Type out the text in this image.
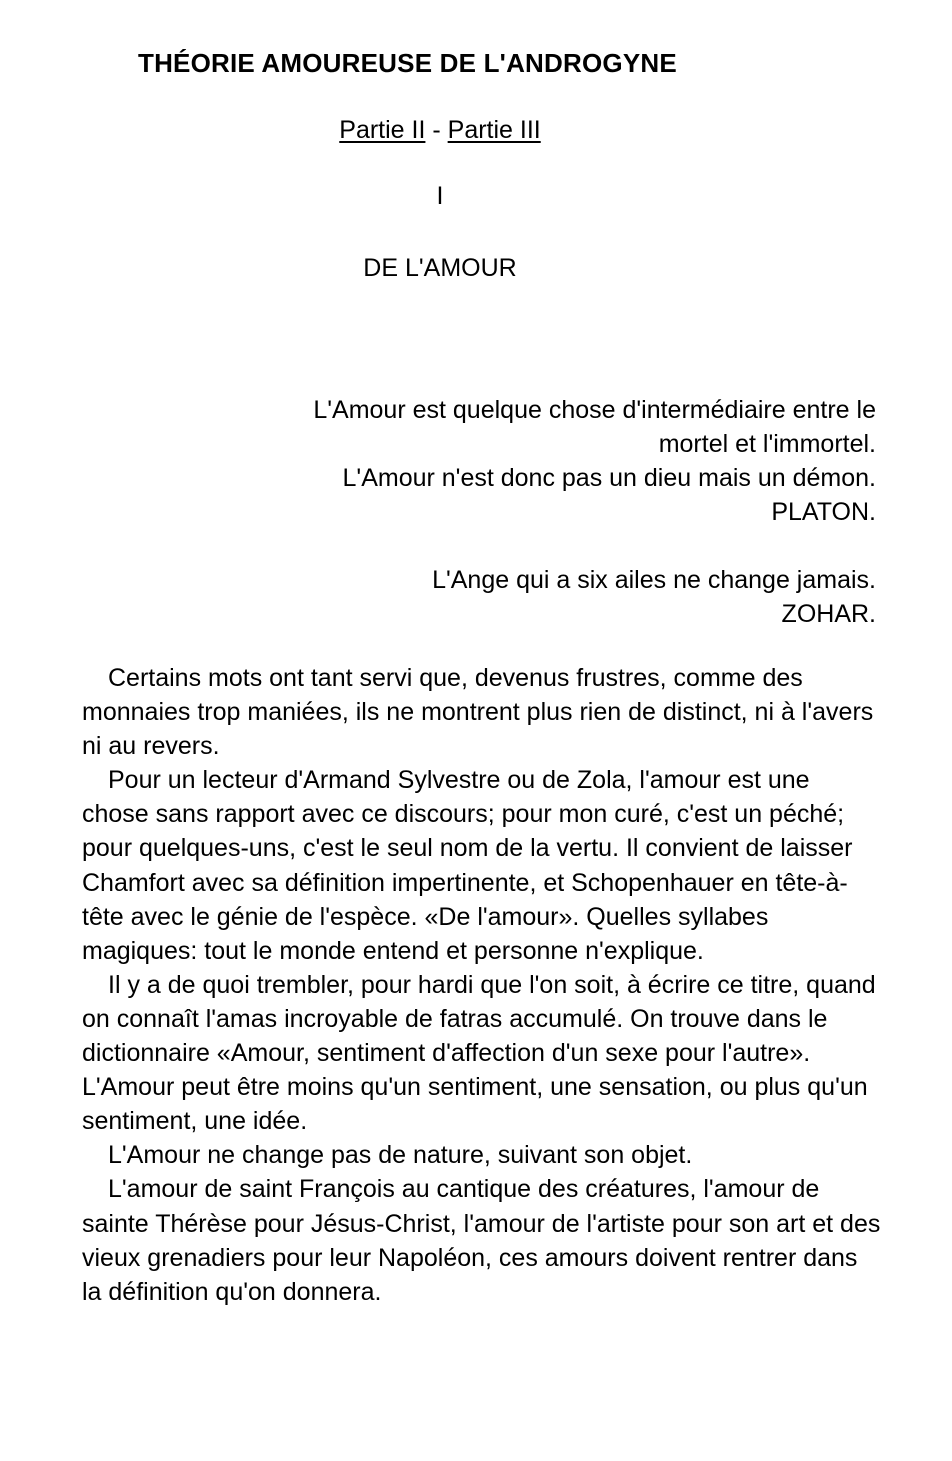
THÉORIE AMOUREUSE DE L'ANDROGYNE
Partie II - Partie III
I
DE L'AMOUR
L'Amour est quelque chose d'intermédiaire entre le
mortel et l'immortel.
L'Amour n'est donc pas un dieu mais un démon.
PLATON.
L'Ange qui a six ailes ne change jamais.
ZOHAR.

Certains mots ont tant servi que, devenus frustres, comme des monnaies trop maniées, ils ne montrent plus rien de distinct, ni à l'avers ni au revers.

Pour un lecteur d'Armand Sylvestre ou de Zola, l'amour est une chose sans rapport avec ce discours; pour mon curé, c'est un péché; pour quelques-uns, c'est le seul nom de la vertu. Il convient de laisser Chamfort avec sa définition impertinente, et Schopenhauer en tête-à-tête avec le génie de l'espèce. «De l'amour». Quelles syllabes magiques: tout le monde entend et personne n'explique.

Il y a de quoi trembler, pour hardi que l'on soit, à écrire ce titre, quand on connaît l'amas incroyable de fatras accumulé. On trouve dans le dictionnaire «Amour, sentiment d'affection d'un sexe pour l'autre». L'Amour peut être moins qu'un sentiment, une sensation, ou plus qu'un sentiment, une idée.

L'Amour ne change pas de nature, suivant son objet.

L'amour de saint François au cantique des créatures, l'amour de sainte Thérèse pour Jésus-Christ, l'amour de l'artiste pour son art et des vieux grenadiers pour leur Napoléon, ces amours doivent rentrer dans la définition qu'on donnera.
